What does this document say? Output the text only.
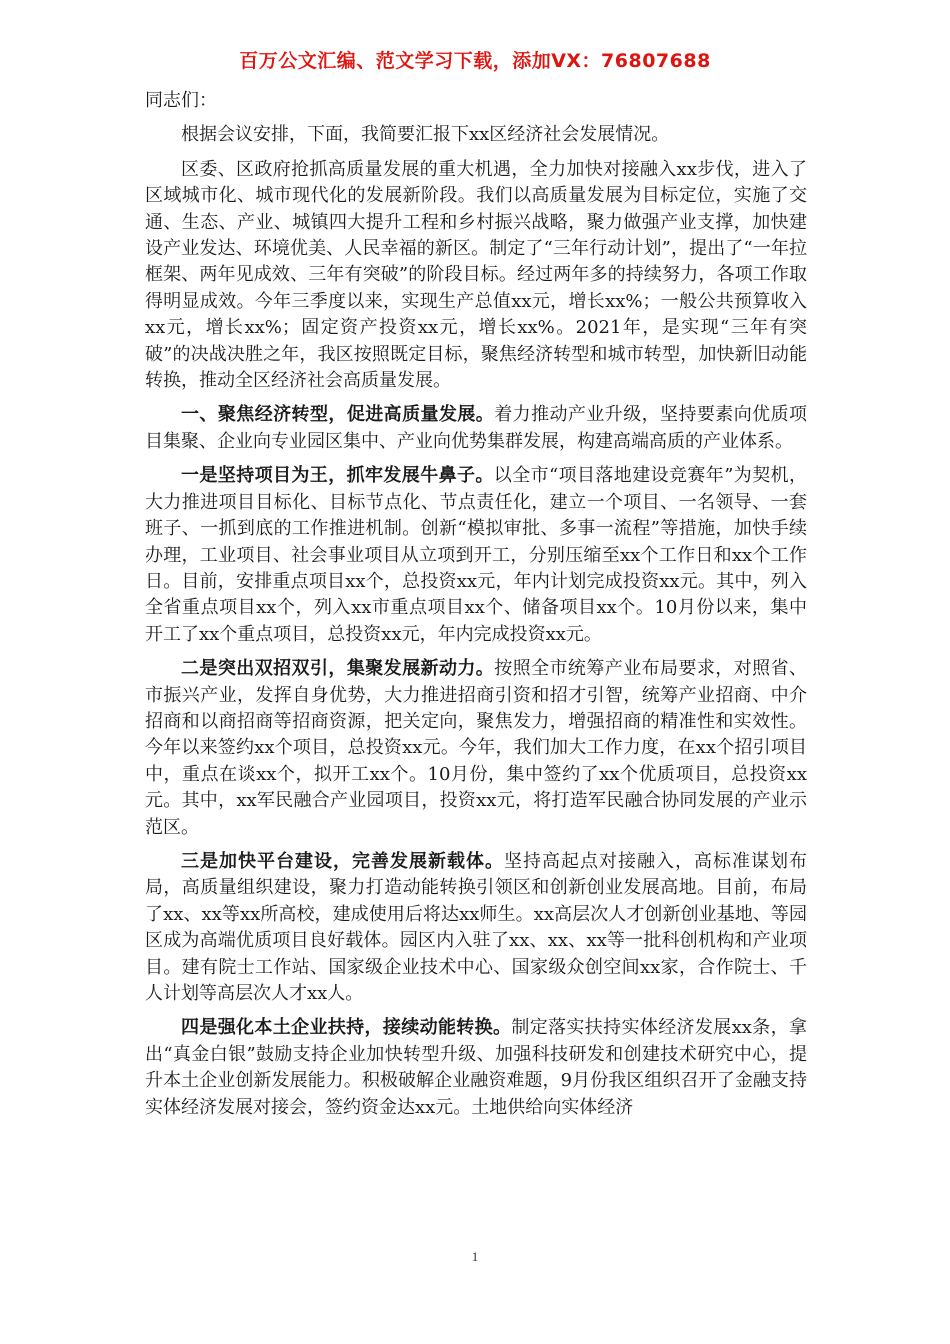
百万公文汇编、范文学习下载，添加VX：76807688

同志们：

根据会议安排，下面，我简要汇报下xx区经济社会发展情况。

区委、区政府抢抓高质量发展的重大机遇，全力加快对接融入xx步伐，进入了区域城市化、城市现代化的发展新阶段。我们以高质量发展为目标定位，实施了交通、生态、产业、城镇四大提升工程和乡村振兴战略，聚力做强产业支撑，加快建设产业发达、环境优美、人民幸福的新区。制定了“三年行动计划”，提出了“一年拉框架、两年见成效、三年有突破”的阶段目标。经过两年多的持续努力，各项工作取得明显成效。今年三季度以来，实现生产总值xx元，增长xx%；一般公共预算收入xx元，增长xx%；固定资产投资xx元，增长xx%。2021年，是实现“三年有突破”的决战决胜之年，我区按照既定目标，聚焦经济转型和城市转型，加快新旧动能转换，推动全区经济社会高质量发展。

一、聚焦经济转型，促进高质量发展。着力推动产业升级，坚持要素向优质项目集聚、企业向专业园区集中、产业向优势集群发展，构建高端高质的产业体系。

一是坚持项目为王，抓牢发展牛鼻子。以全市“项目落地建设竞赛年”为契机，大力推进项目目标化、目标节点化、节点责任化，建立一个项目、一名领导、一套班子、一抓到底的工作推进机制。创新“模拟审批、多事一流程”等措施，加快手续办理，工业项目、社会事业项目从立项到开工，分别压缩至xx个工作日和xx个工作日。目前，安排重点项目xx个，总投资xx元，年内计划完成投资xx元。其中，列入全省重点项目xx个，列入xx市重点项目xx个、储备项目xx个。10月份以来，集中开工了xx个重点项目，总投资xx元，年内完成投资xx元。

二是突出双招双引，集聚发展新动力。按照全市统筹产业布局要求，对照省、市振兴产业，发挥自身优势，大力推进招商引资和招才引智，统筹产业招商、中介招商和以商招商等招商资源，把关定向，聚焦发力，增强招商的精准性和实效性。今年以来签约xx个项目，总投资xx元。今年，我们加大工作力度，在xx个招引项目中，重点在谈xx个，拟开工xx个。10月份，集中签约了xx个优质项目，总投资xx元。其中，xx军民融合产业园项目，投资xx元，将打造军民融合协同发展的产业示范区。

三是加快平台建设，完善发展新载体。坚持高起点对接融入，高标准谋划布局，高质量组织建设，聚力打造动能转换引领区和创新创业发展高地。目前，布局了xx、xx等xx所高校，建成使用后将达xx师生。xx高层次人才创新创业基地、等园区成为高端优质项目良好载体。园区内入驻了xx、xx、xx等一批科创机构和产业项目。建有院士工作站、国家级企业技术中心、国家级众创空间xx家，合作院士、千人计划等高层次人才xx人。

四是强化本土企业扶持，接续动能转换。制定落实扶持实体经济发展xx条，拿出“真金白银”鼓励支持企业加快转型升级、加强科技研发和创建技术研究中心，提升本土企业创新发展能力。积极破解企业融资难题，9月份我区组织召开了金融支持实体经济发展对接会，签约资金达xx元。土地供给向实体经济

1
